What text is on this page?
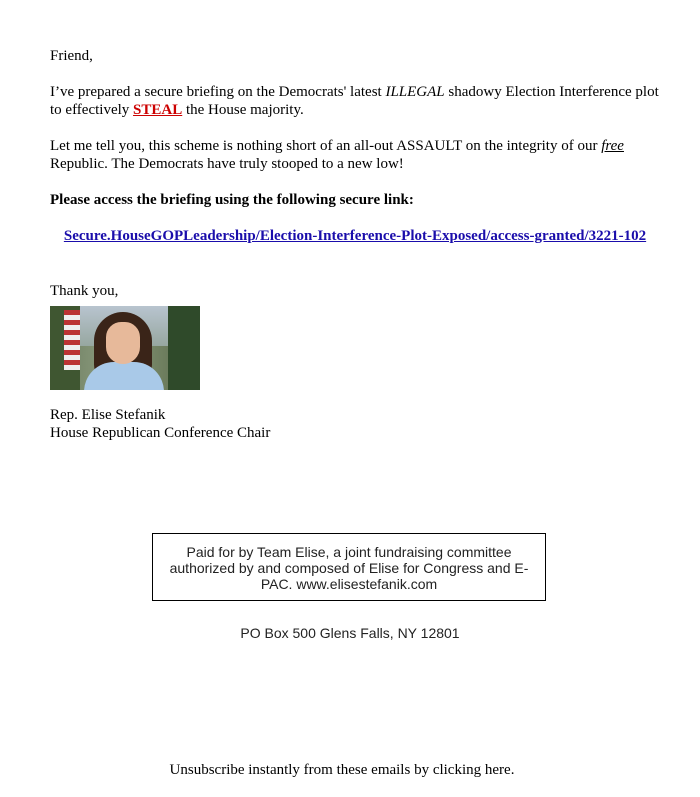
Friend,

I’ve prepared a secure briefing on the Democrats' latest ILLEGAL shadowy Election Interference plot to effectively STEAL the House majority.

Let me tell you, this scheme is nothing short of an all-out ASSAULT on the integrity of our free Republic. The Democrats have truly stooped to a new low!

Please access the briefing using the following secure link:

Secure.HouseGOPLeadership/Election-Interference-Plot-Exposed/access-granted/3221-102

Thank you,

Rep. Elise Stefanik

House Republican Conference Chair

Paid for by Team Elise, a joint fundraising committee authorized by and composed of Elise for Congress and E-PAC. www.elisestefanik.com
PO Box 500 Glens Falls, NY 12801
Unsubscribe instantly from these emails by clicking here.
